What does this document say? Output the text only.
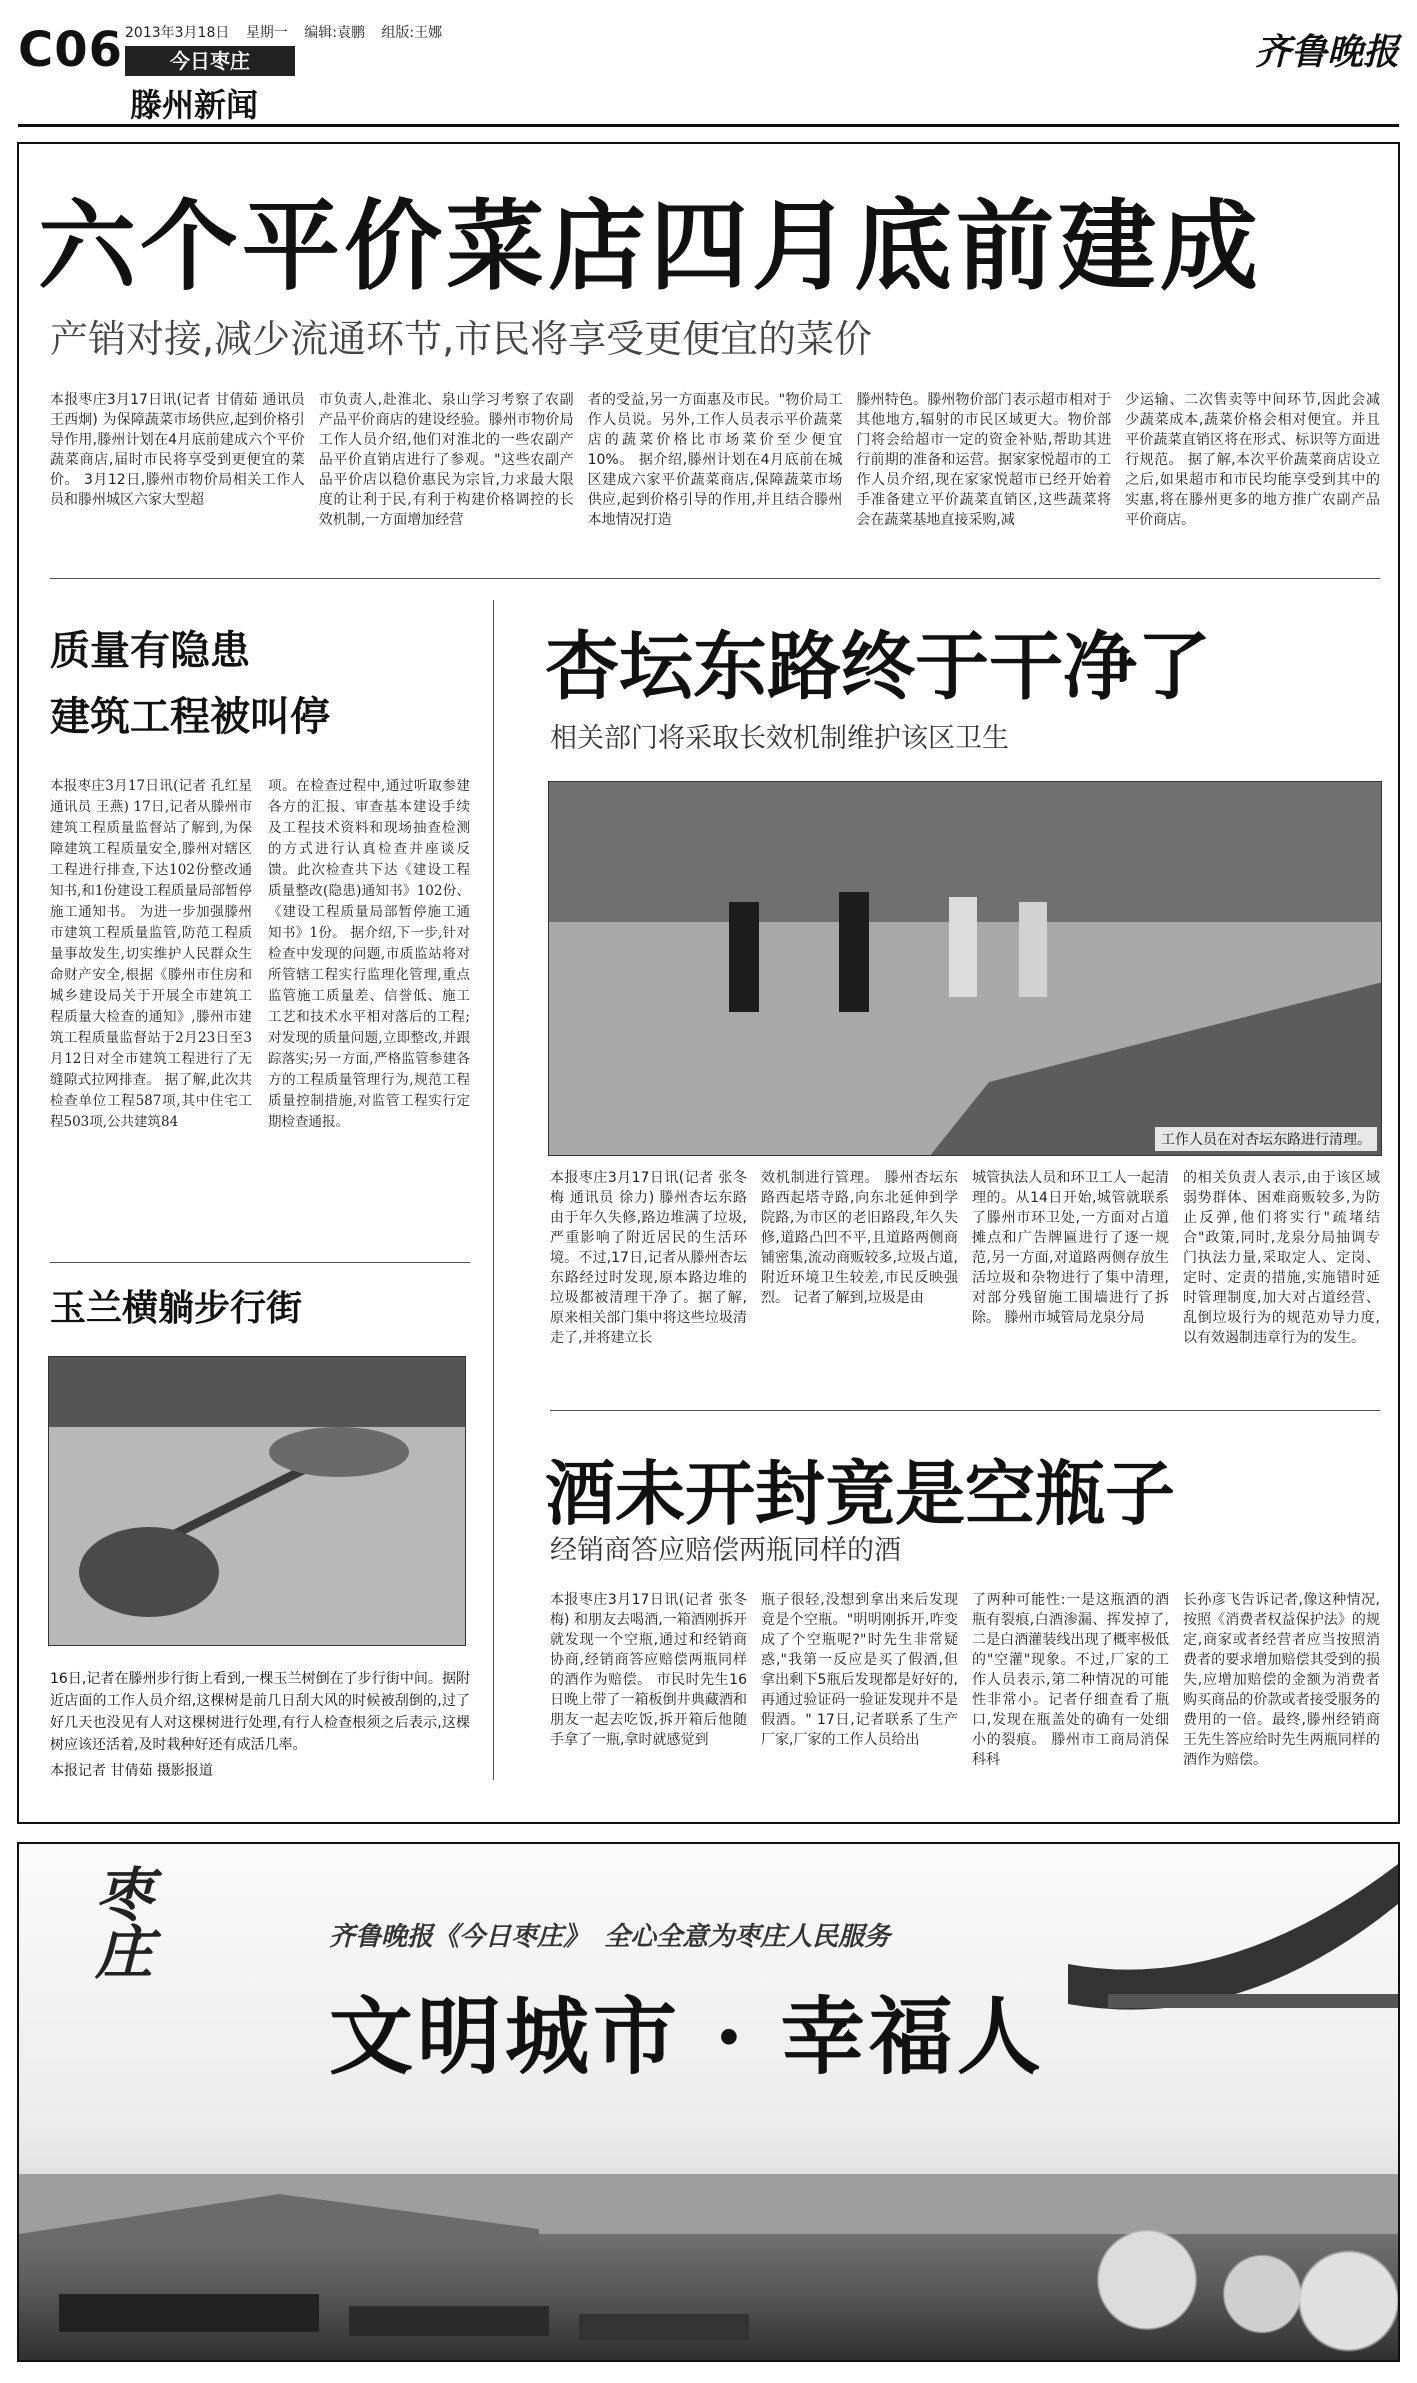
C06 2013年3月18日 星期一 编辑:袁鹏 组版:王娜
今日枣庄
滕州新闻
齐鲁晚报
六个平价菜店四月底前建成
产销对接,减少流通环节,市民将享受更便宜的菜价
本报枣庄3月17日讯(记者 甘倩茹 通讯员 王西炯) 为保障蔬菜市场供应,起到价格引导作用,滕州计划在4月底前建成六个平价蔬菜商店,届时市民将享受到更便宜的菜价。 3月12日,滕州市物价局相关工作人员和滕州城区六家大型超
市负责人,赴淮北、泉山学习考察了农副产品平价商店的建设经验。滕州市物价局工作人员介绍,他们对淮北的一些农副产品平价直销店进行了参观。"这些农副产品平价店以稳价惠民为宗旨,力求最大限度的让利于民,有利于构建价格调控的长效机制,一方面增加经营
者的受益,另一方面惠及市民。"物价局工作人员说。另外,工作人员表示平价蔬菜店的蔬菜价格比市场菜价至少便宜10%。 据介绍,滕州计划在4月底前在城区建成六家平价蔬菜商店,保障蔬菜市场供应,起到价格引导的作用,并且结合滕州本地情况打造
滕州特色。滕州物价部门表示超市相对于其他地方,辐射的市民区域更大。物价部门将会给超市一定的资金补贴,帮助其进行前期的准备和运营。据家家悦超市的工作人员介绍,现在家家悦超市已经开始着手准备建立平价蔬菜直销区,这些蔬菜将会在蔬菜基地直接采购,减
少运输、二次售卖等中间环节,因此会减少蔬菜成本,蔬菜价格会相对便宜。并且平价蔬菜直销区将在形式、标识等方面进行规范。 据了解,本次平价蔬菜商店设立之后,如果超市和市民均能享受到其中的实惠,将在滕州更多的地方推广农副产品平价商店。
质量有隐患
建筑工程被叫停
本报枣庄3月17日讯(记者 孔红星 通讯员 王燕) 17日,记者从滕州市建筑工程质量监督站了解到,为保障建筑工程质量安全,滕州对辖区工程进行排查,下达102份整改通知书,和1份建设工程质量局部暂停施工通知书。 为进一步加强滕州市建筑工程质量监管,防范工程质量事故发生,切实维护人民群众生命财产安全,根据《滕州市住房和城乡建设局关于开展全市建筑工程质量大检查的通知》,滕州市建筑工程质量监督站于2月23日至3月12日对全市建筑工程进行了无缝隙式拉网排查。 据了解,此次共检查单位工程587项,其中住宅工程503项,公共建筑84
项。在检查过程中,通过听取参建各方的汇报、审查基本建设手续及工程技术资料和现场抽查检测的方式进行认真检查并座谈反馈。此次检查共下达《建设工程质量整改(隐患)通知书》102份、《建设工程质量局部暂停施工通知书》1份。 据介绍,下一步,针对检查中发现的问题,市质监站将对所管辖工程实行监理化管理,重点监管施工质量差、信誉低、施工工艺和技术水平相对落后的工程;对发现的质量问题,立即整改,并跟踪落实;另一方面,严格监管参建各方的工程质量管理行为,规范工程质量控制措施,对监管工程实行定期检查通报。
玉兰横躺步行街
16日,记者在滕州步行街上看到,一棵玉兰树倒在了步行街中间。据附近店面的工作人员介绍,这棵树是前几日刮大风的时候被刮倒的,过了好几天也没见有人对这棵树进行处理,有行人检查根须之后表示,这棵树应该还活着,及时栽种好还有成活几率。
本报记者 甘倩茹 摄影报道
杏坛东路终于干净了
相关部门将采取长效机制维护该区卫生
工作人员在对杏坛东路进行清理。
本报枣庄3月17日讯(记者 张冬梅 通讯员 徐力) 滕州杏坛东路由于年久失修,路边堆满了垃圾,严重影响了附近居民的生活环境。不过,17日,记者从滕州杏坛东路经过时发现,原本路边堆的垃圾都被清理干净了。据了解,原来相关部门集中将这些垃圾清走了,并将建立长
效机制进行管理。 滕州杏坛东路西起塔寺路,向东北延伸到学院路,为市区的老旧路段,年久失修,道路凸凹不平,且道路两侧商铺密集,流动商贩较多,垃圾占道,附近环境卫生较差,市民反映强烈。 记者了解到,垃圾是由
城管执法人员和环卫工人一起清理的。从14日开始,城管就联系了滕州市环卫处,一方面对占道摊点和广告牌匾进行了逐一规范,另一方面,对道路两侧存放生活垃圾和杂物进行了集中清理,对部分残留施工围墙进行了拆除。 滕州市城管局龙泉分局
的相关负责人表示,由于该区域弱势群体、困难商贩较多,为防止反弹,他们将实行"疏堵结合"政策,同时,龙泉分局抽调专门执法力量,采取定人、定岗、定时、定责的措施,实施错时延时管理制度,加大对占道经营、乱倒垃圾行为的规范劝导力度,以有效遏制违章行为的发生。
酒未开封竟是空瓶子
经销商答应赔偿两瓶同样的酒
本报枣庄3月17日讯(记者 张冬梅) 和朋友去喝酒,一箱酒刚拆开就发现一个空瓶,通过和经销商协商,经销商答应赔偿两瓶同样的酒作为赔偿。 市民时先生16日晚上带了一箱板倒井典藏酒和朋友一起去吃饭,拆开箱后他随手拿了一瓶,拿时就感觉到
瓶子很轻,没想到拿出来后发现竟是个空瓶。"明明刚拆开,咋变成了个空瓶呢?"时先生非常疑惑,"我第一反应是买了假酒,但拿出剩下5瓶后发现都是好好的,再通过验证码一验证发现并不是假酒。" 17日,记者联系了生产厂家,厂家的工作人员给出
了两种可能性:一是这瓶酒的酒瓶有裂痕,白酒渗漏、挥发掉了,二是白酒灌装线出现了概率极低的"空灌"现象。不过,厂家的工作人员表示,第二种情况的可能性非常小。记者仔细查看了瓶口,发现在瓶盖处的确有一处细小的裂痕。 滕州市工商局消保科科
长孙彦飞告诉记者,像这种情况,按照《消费者权益保护法》的规定,商家或者经营者应当按照消费者的要求增加赔偿其受到的损失,应增加赔偿的金额为消费者购买商品的价款或者接受服务的费用的一倍。最终,滕州经销商王先生答应给时先生两瓶同样的酒作为赔偿。
枣庄	齐鲁晚报《今日枣庄》 全心全意为枣庄人民服务
文明城市 · 幸福人
